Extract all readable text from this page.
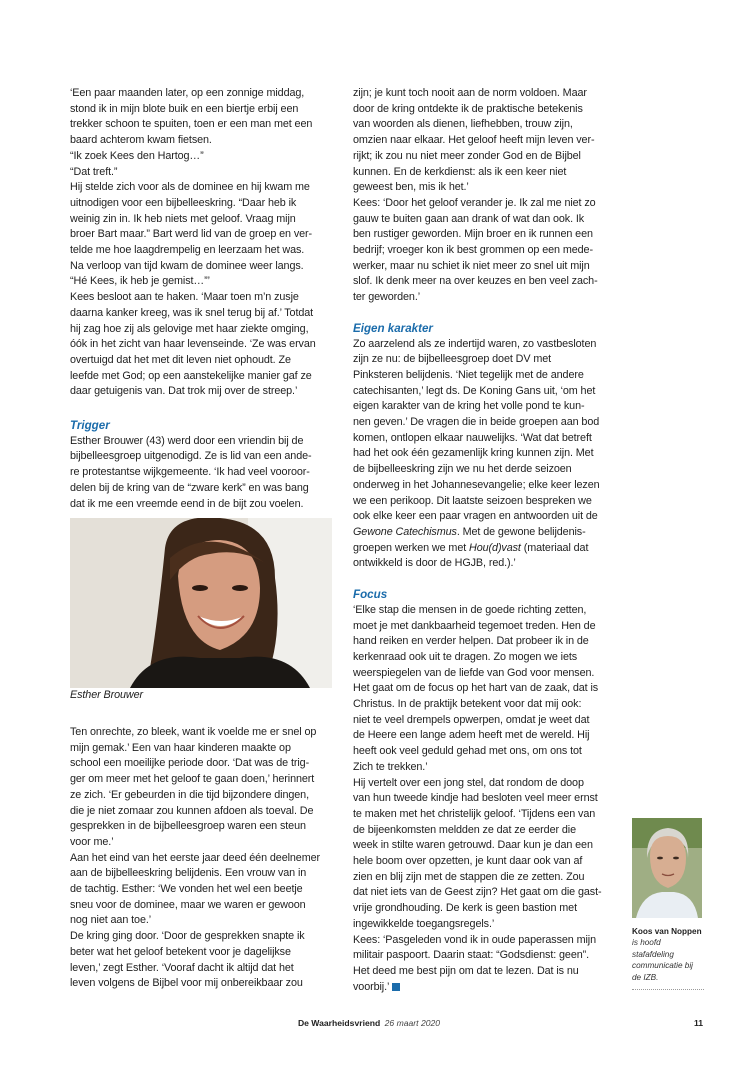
‘Een paar maanden later, op een zonnige middag,

stond ik in mijn blote buik en een biertje erbij een

trekker schoon te spuiten, toen er een man met een

baard achterom kwam fietsen.

“Ik zoek Kees den Hartog…”

“Dat treft.”

Hij stelde zich voor als de dominee en hij kwam me

uitnodigen voor een bijbelleeskring. “Daar heb ik

weinig zin in. Ik heb niets met geloof. Vraag mijn

broer Bart maar.” Bart werd lid van de groep en ver-

telde me hoe laagdrempelig en leerzaam het was.

Na verloop van tijd kwam de dominee weer langs.

“Hé Kees, ik heb je gemist…”’

Kees besloot aan te haken. ‘Maar toen m’n zusje

daarna kanker kreeg, was ik snel terug bij af.’ Totdat

hij zag hoe zij als gelovige met haar ziekte omging,

óók in het zicht van haar levenseinde. ‘Ze was ervan

overtuigd dat het met dit leven niet ophoudt. Ze

leefde met God; op een aanstekelijke manier gaf ze

daar getuigenis van. Dat trok mij over de streep.’

Trigger

Esther Brouwer (43) werd door een vriendin bij de

bijbelleesgroep uitgenodigd. Ze is lid van een ande-

re protestantse wijkgemeente. ‘Ik had veel vooroor-

delen bij de kring van de “zware kerk” en was bang

dat ik me een vreemde eend in de bijt zou voelen.

Esther Brouwer

Ten onrechte, zo bleek, want ik voelde me er snel op

mijn gemak.’ Een van haar kinderen maakte op

school een moeilijke periode door. ‘Dat was de trig-

ger om meer met het geloof te gaan doen,’ herinnert

ze zich. ‘Er gebeurden in die tijd bijzondere dingen,

die je niet zomaar zou kunnen afdoen als toeval. De

gesprekken in de bijbelleesgroep waren een steun

voor me.’

Aan het eind van het eerste jaar deed één deelnemer

aan de bijbelleeskring belijdenis. Een vrouw van in

de tachtig. Esther: ‘We vonden het wel een beetje

sneu voor de dominee, maar we waren er gewoon

nog niet aan toe.’

De kring ging door. ‘Door de gesprekken snapte ik

beter wat het geloof betekent voor je dagelijkse

leven,’ zegt Esther. ‘Vooraf dacht ik altijd dat het

leven volgens de Bijbel voor mij onbereikbaar zou

zijn; je kunt toch nooit aan de norm voldoen. Maar

door de kring ontdekte ik de praktische betekenis

van woorden als dienen, liefhebben, trouw zijn,

omzien naar elkaar. Het geloof heeft mijn leven ver-

rijkt; ik zou nu niet meer zonder God en de Bijbel

kunnen. En de kerkdienst: als ik een keer niet

geweest ben, mis ik het.’

Kees: ‘Door het geloof verander je. Ik zal me niet zo

gauw te buiten gaan aan drank of wat dan ook. Ik

ben rustiger geworden. Mijn broer en ik runnen een

bedrijf; vroeger kon ik best grommen op een mede-

werker, maar nu schiet ik niet meer zo snel uit mijn

slof. Ik denk meer na over keuzes en ben veel zach-

ter geworden.’

Eigen karakter

Zo aarzelend als ze indertijd waren, zo vastbesloten

zijn ze nu: de bijbelleesgroep doet DV met

Pinksteren belijdenis. ‘Niet tegelijk met de andere

catechisanten,’ legt ds. De Koning Gans uit, ‘om het

eigen karakter van de kring het volle pond te kun-

nen geven.’ De vragen die in beide groepen aan bod

komen, ontlopen elkaar nauwelijks. ‘Wat dat betreft

had het ook één gezamenlijk kring kunnen zijn. Met

de bijbelleeskring zijn we nu het derde seizoen

onderweg in het Johannesevangelie; elke keer lezen

we een perikoop. Dit laatste seizoen bespreken we

ook elke keer een paar vragen en antwoorden uit de

Gewone Catechismus. Met de gewone belijdenis-

groepen werken we met Hou(d)vast (materiaal dat

ontwikkeld is door de HGJB, red.).’

Focus

‘Elke stap die mensen in de goede richting zetten,

moet je met dankbaarheid tegemoet treden. Hen de

hand reiken en verder helpen. Dat probeer ik in de

kerkenraad ook uit te dragen. Zo mogen we iets

weerspiegelen van de liefde van God voor mensen.

Het gaat om de focus op het hart van de zaak, dat is

Christus. In de praktijk betekent voor dat mij ook:

niet te veel drempels opwerpen, omdat je weet dat

de Heere een lange adem heeft met de wereld. Hij

heeft ook veel geduld gehad met ons, om ons tot

Zich te trekken.’

Hij vertelt over een jong stel, dat rondom de doop

van hun tweede kindje had besloten veel meer ernst

te maken met het christelijk geloof. ‘Tijdens een van

de bijeenkomsten meldden ze dat ze eerder die

week in stilte waren getrouwd. Daar kun je dan een

hele boom over opzetten, je kunt daar ook van af

zien en blij zijn met de stappen die ze zetten. Zou

dat niet iets van de Geest zijn? Het gaat om die gast-

vrije grondhouding. De kerk is geen bastion met

ingewikkelde toegangsregels.’

Kees: ‘Pasgeleden vond ik in oude paperassen mijn

militair paspoort. Daarin staat: “Godsdienst: geen”.

Het deed me best pijn om dat te lezen. Dat is nu

voorbij.’

Koos van Noppen

is hoofd stafafdeling

communicatie bij

de IZB.

De Waarheidsvriend 26 maart 2020	11
